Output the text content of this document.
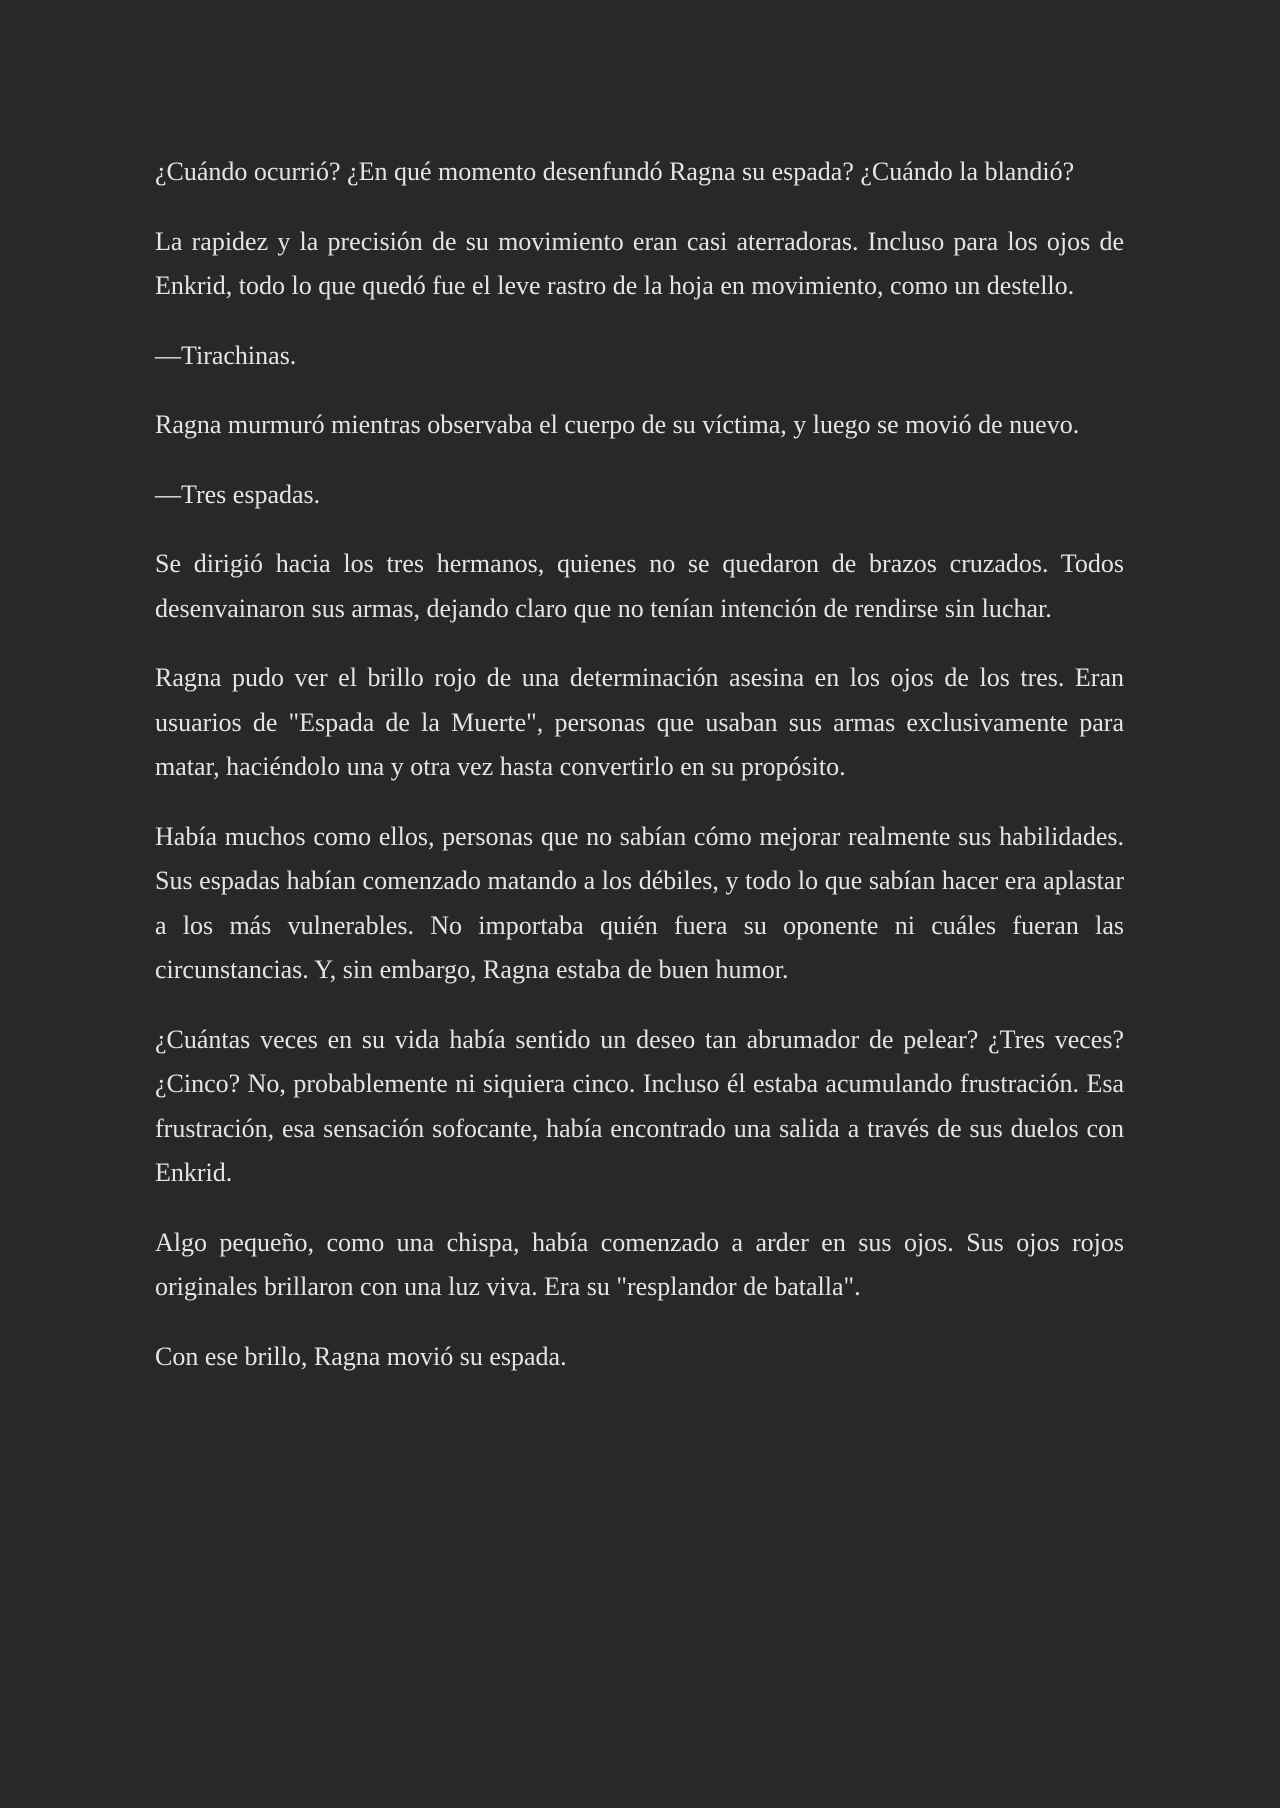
¿Cuándo ocurrió? ¿En qué momento desenfundó Ragna su espada? ¿Cuándo la blandió?

La rapidez y la precisión de su movimiento eran casi aterradoras. Incluso para los ojos de Enkrid, todo lo que quedó fue el leve rastro de la hoja en movimiento, como un destello.

—Tirachinas.

Ragna murmuró mientras observaba el cuerpo de su víctima, y luego se movió de nuevo.

—Tres espadas.

Se dirigió hacia los tres hermanos, quienes no se quedaron de brazos cruzados. Todos desenvainaron sus armas, dejando claro que no tenían intención de rendirse sin luchar.

Ragna pudo ver el brillo rojo de una determinación asesina en los ojos de los tres. Eran usuarios de "Espada de la Muerte", personas que usaban sus armas exclusivamente para matar, haciéndolo una y otra vez hasta convertirlo en su propósito.

Había muchos como ellos, personas que no sabían cómo mejorar realmente sus habilidades. Sus espadas habían comenzado matando a los débiles, y todo lo que sabían hacer era aplastar a los más vulnerables. No importaba quién fuera su oponente ni cuáles fueran las circunstancias. Y, sin embargo, Ragna estaba de buen humor.

¿Cuántas veces en su vida había sentido un deseo tan abrumador de pelear? ¿Tres veces? ¿Cinco? No, probablemente ni siquiera cinco. Incluso él estaba acumulando frustración. Esa frustración, esa sensación sofocante, había encontrado una salida a través de sus duelos con Enkrid.

Algo pequeño, como una chispa, había comenzado a arder en sus ojos. Sus ojos rojos originales brillaron con una luz viva. Era su "resplandor de batalla".

Con ese brillo, Ragna movió su espada.
